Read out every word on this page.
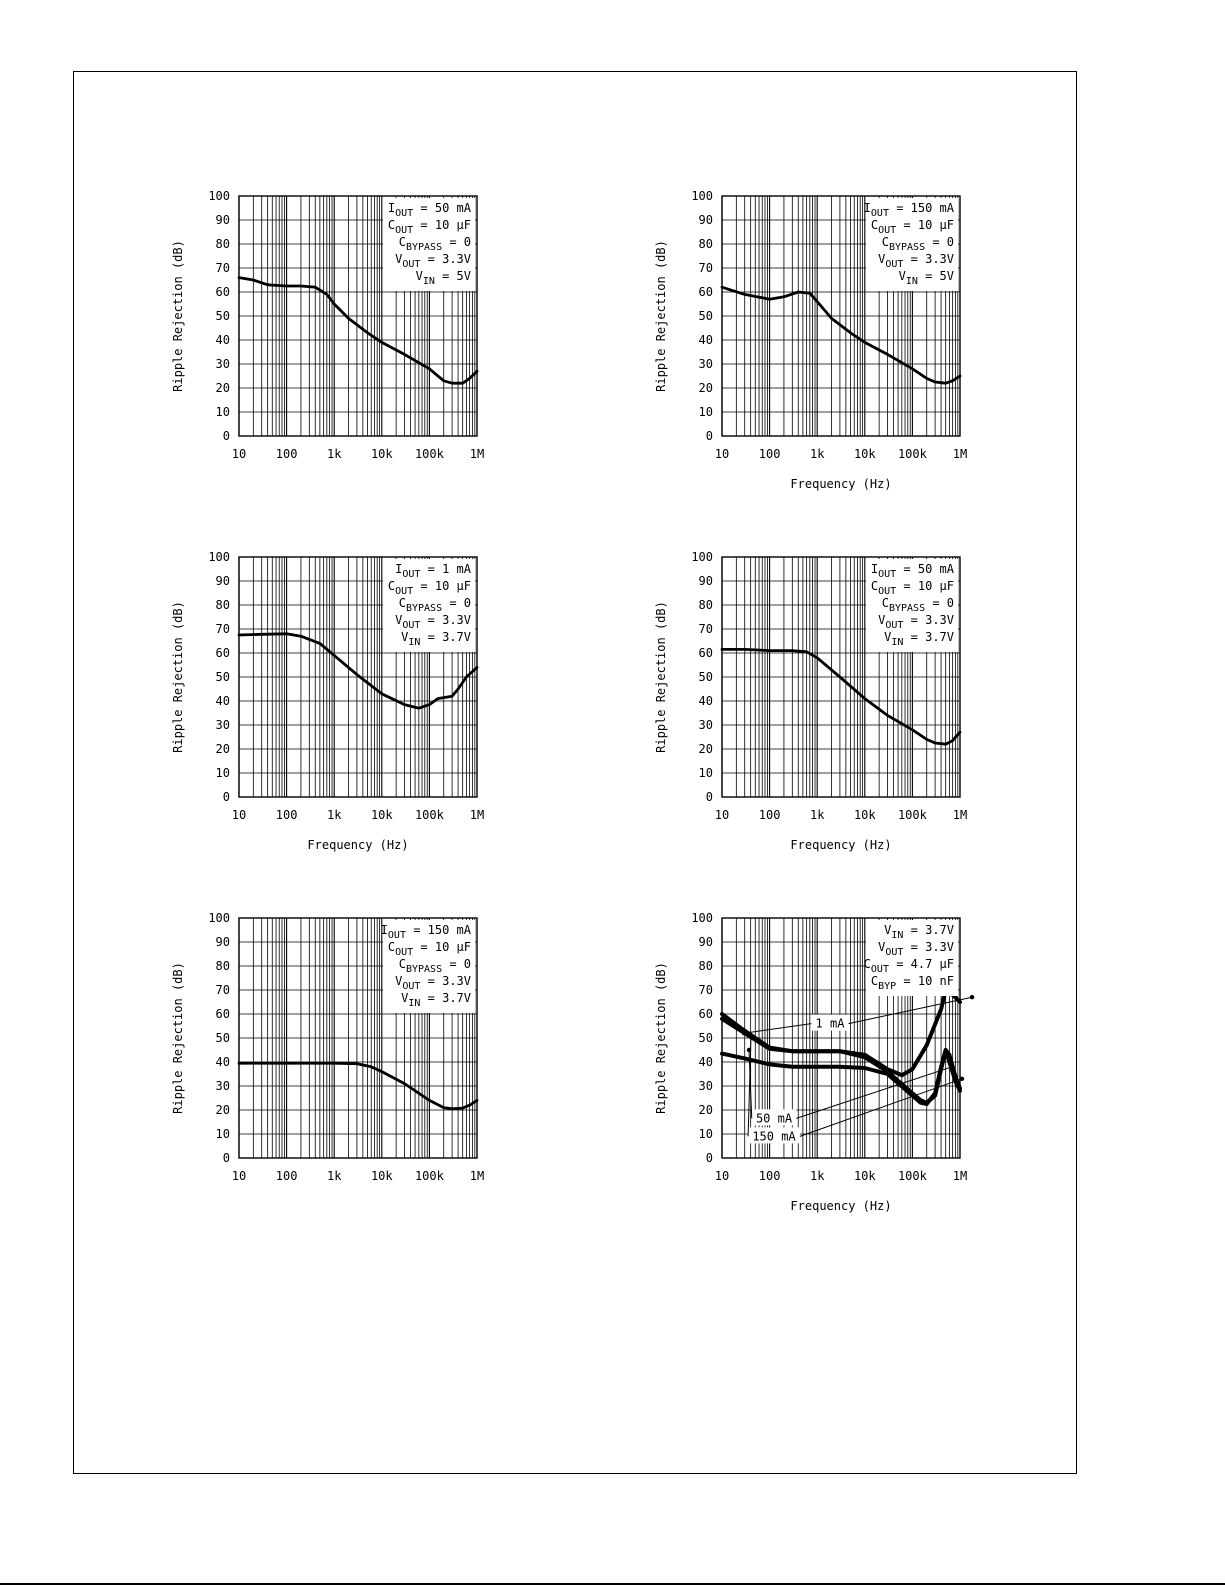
0
10
20
30
40
50
60
70
80
90
100
10 100 1k 10k 100k 1M
Ripple Rejection (dB)
$I_{OUT} = 50$ mA
$C_{OUT} = 10$ μF
$C_{BYPASS} = 0$
$V_{OUT} = 3.3V$
$V_{IN} = 5V$
0
10
20
30
40
50
60
70
80
90
100
10 100 1k 10k 100k 1M
Ripple Rejection (dB)
Frequency (Hz)
$I_{OUT} = 150$ mA
$C_{OUT} = 10$ μF
$C_{BYPASS} = 0$
$V_{OUT} = 3.3V$
$V_{IN} = 5V$
0
10
20
30
40
50
60
70
80
90
100
10 100 1k 10k 100k 1M
Ripple Rejection (dB)
Frequency (Hz)
$I_{OUT} = 1$ mA
$C_{OUT} = 10$ μF
$C_{BYPASS} = 0$
$V_{OUT} = 3.3V$
$V_{IN} = 3.7V$
0
10
20
30
40
50
60
70
80
90
100
10 100 1k 10k 100k 1M
Ripple Rejection (dB)
Frequency (Hz)
$I_{OUT} = 50$ mA
$C_{OUT} = 10$ μF
$C_{BYPASS} = 0$
$V_{OUT} = 3.3V$
$V_{IN} = 3.7V$
0
10
20
30
40
50
60
70
80
90
100
10 100 1k 10k 100k 1M
Ripple Rejection (dB)
$I_{OUT} = 150$ mA
$C_{OUT} = 10$ μF
$C_{BYPASS} = 0$
$V_{OUT} = 3.3V$
$V_{IN} = 3.7V$
0
10
20
30
40
50
60
70
80
90
100
10 100 1k 10k 100k 1M
Ripple Rejection (dB)
Frequency (Hz)
$V_{IN} = 3.7V$
$V_{OUT} = 3.3V$
$C_{OUT} = 4.7$ μF
$C_{BYP} = 10$ nF
1 mA
50 mA
150 mA
